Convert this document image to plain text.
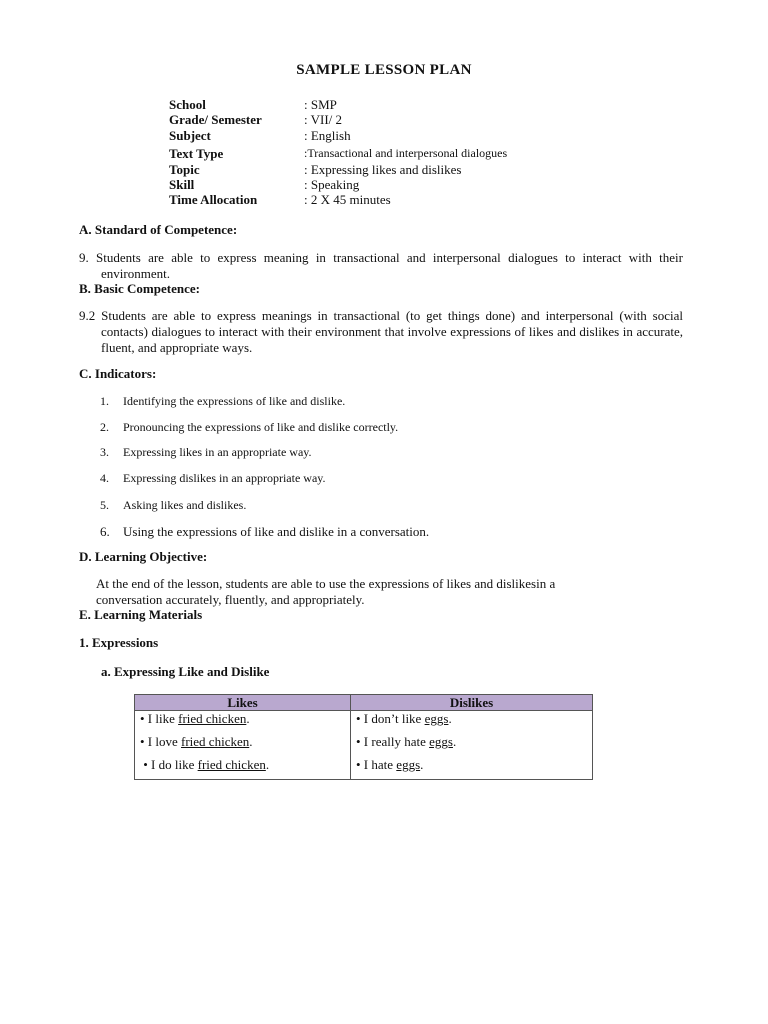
SAMPLE LESSON PLAN
School	: SMP
Grade/ Semester	: VII/ 2
Subject	: English
Text Type	:Transactional and interpersonal dialogues
Topic	: Expressing likes and dislikes
Skill	: Speaking
Time Allocation	: 2 X 45 minutes
A. Standard of Competence:
9. Students are able to express meaning in transactional and interpersonal dialogues to interact with their environment.
B. Basic Competence:
9.2 Students are able to express meanings in transactional (to get things done) and interpersonal (with social contacts) dialogues to interact with their environment that involve expressions of likes and dislikes in accurate, fluent, and appropriate ways.
C. Indicators:
1. Identifying the expressions of like and dislike.
2. Pronouncing the expressions of like and dislike correctly.
3. Expressing likes in an appropriate way.
4. Expressing dislikes in an appropriate way.
5. Asking likes and dislikes.
6. Using the expressions of like and dislike in a conversation.
D. Learning Objective:
At the end of the lesson, students are able to use the expressions of likes and dislikesin a
conversation accurately, fluently, and appropriately.
E. Learning Materials
1. Expressions
a. Expressing Like and Dislike
Likes	Dislikes
• I like fried chicken.	• I don’t like eggs.
• I love fried chicken.	• I really hate eggs.
• I do like fried chicken.	• I hate eggs.
